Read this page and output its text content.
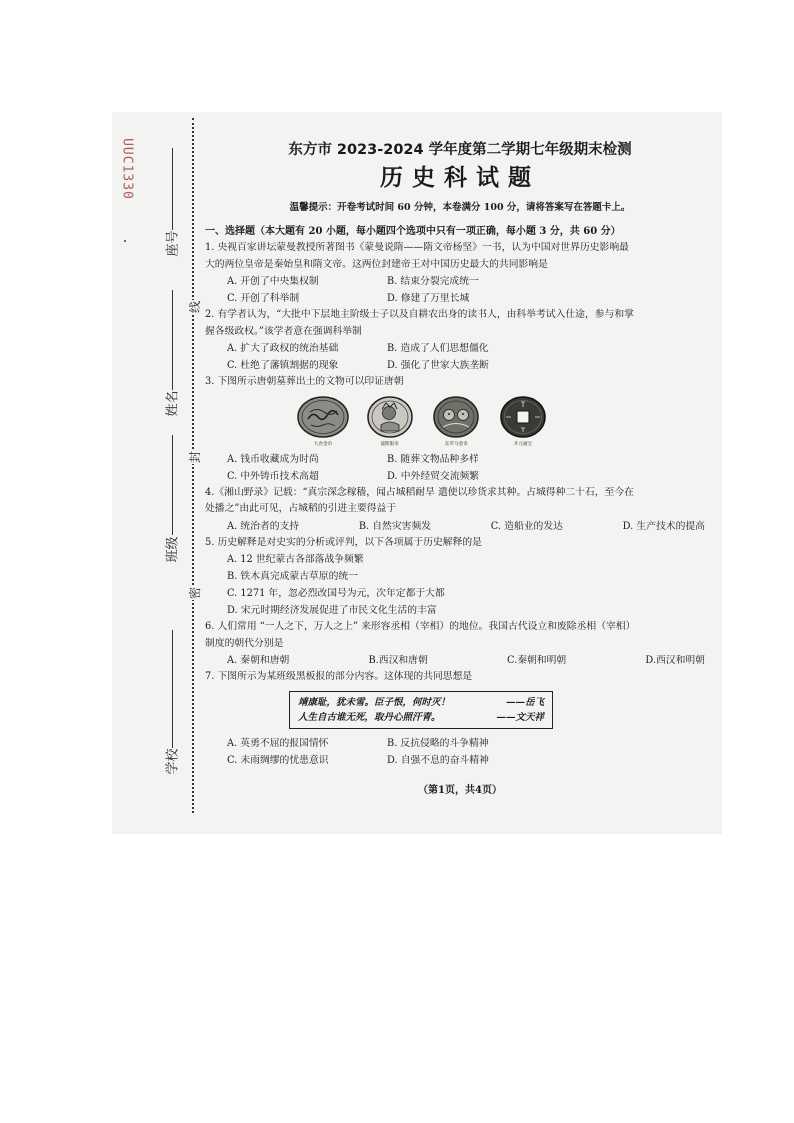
UUC1330
座号
姓名
班级
学校
线
封
密
东方市 2023-2024 学年度第二学期七年级期末检测
历史科试题
温馨提示：开卷考试时间 60 分钟，本卷满分 100 分，请将答案写在答题卡上。
一、选择题（本大题有 20 小题，每小题四个选项中只有一项正确，每小题 3 分，共 60 分）
1. 央视百家讲坛蒙曼教授所著图书《蒙曼说隋——隋文帝杨坚》一书，认为中国对世界历史影响最
大的两位皇帝是秦始皇和隋文帝。这两位封建帝王对中国历史最大的共同影响是
A. 开创了中央集权制	B. 结束分裂完成统一
C. 开创了科举制	D. 修建了万里长城
2. 有学者认为，“大批中下层地主阶级士子以及自耕农出身的读书人，由科举考试入仕途，参与和掌
握各级政权。”该学者意在强调科举制
A. 扩大了政权的统治基础	B. 造成了人们思想僵化
C. 杜绝了藩镇割据的现象	D. 强化了世家大族垄断
3. 下图所示唐朝墓葬出土的文物可以印证唐朝
大食金币	波斯银币	东罗马金币	开元通宝
A. 钱币收藏成为时尚	B. 随葬文物品种多样
C. 中外铸币技术高超	D. 中外经贸交流频繁
4.《湘山野录》记载：“真宗深念稼穑，闻占城稻耐旱 遣使以珍货求其种。占城得种二十石，至今在
处播之”由此可见，占城稻的引进主要得益于
A. 统治者的支持	B. 自然灾害频发	C. 造船业的发达	D. 生产技术的提高
5. 历史解释是对史实的分析或评判，以下各项属于历史解释的是
A. 12 世纪蒙古各部落战争频繁
B. 铁木真完成蒙古草原的统一
C. 1271 年，忽必烈改国号为元，次年定都于大都
D. 宋元时期经济发展促进了市民文化生活的丰富
6. 人们常用 “一人之下，万人之上” 来形容丞相（宰相）的地位。我国古代设立和废除丞相（宰相）
制度的朝代分别是
A. 秦朝和唐朝	B.西汉和唐朝	C.秦朝和明朝	D.西汉和明朝
7. 下图所示为某班级黑板报的部分内容。这体现的共同思想是
靖康耻，犹未雪。臣子恨，何时灭！	——岳飞
人生自古谁无死，取丹心照汗青。	——文天祥
A. 英勇不屈的报国情怀	B. 反抗侵略的斗争精神
C. 未雨绸缪的忧患意识	D. 自强不息的奋斗精神
（第1页，共4页）
